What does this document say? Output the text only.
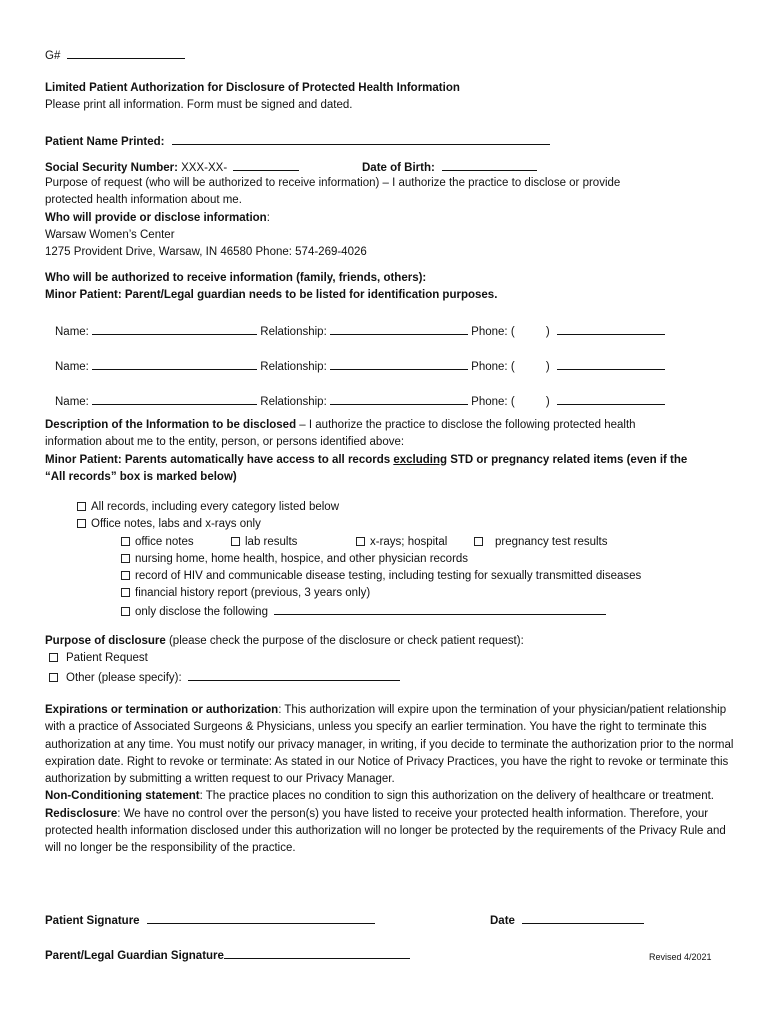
G#
Limited Patient Authorization for Disclosure of Protected Health Information
Please print all information. Form must be signed and dated.
Patient Name Printed:
Social Security Number: XXX-XX-	Date of Birth:
Purpose of request (who will be authorized to receive information) – I authorize the practice to disclose or provide
protected health information about me.
Who will provide or disclose information:
Warsaw Women’s Center
1275 Provident Drive, Warsaw, IN 46580 Phone: 574-269-4026
Who will be authorized to receive information (family, friends, others):
Minor Patient: Parent/Legal guardian needs to be listed for identification purposes.
Name:	Relationship:	Phone: (	)
Name:	Relationship:	Phone: (	)
Name:	Relationship:	Phone: (	)
Description of the Information to be disclosed – I authorize the practice to disclose the following protected health
information about me to the entity, person, or persons identified above:
Minor Patient: Parents automatically have access to all records excluding STD or pregnancy related items (even if the
“All records” box is marked below)
All records, including every category listed below
Office notes, labs and x-rays only
office notes	lab results	x-rays; hospital	pregnancy test results
nursing home, home health, hospice, and other physician records
record of HIV and communicable disease testing, including testing for sexually transmitted diseases
financial history report (previous, 3 years only)
only disclose the following
Purpose of disclosure (please check the purpose of the disclosure or check patient request):
Patient Request
Other (please specify):
Expirations or termination or authorization: This authorization will expire upon the termination of your physician/patient relationship with a practice of Associated Surgeons & Physicians, unless you specify an earlier termination. You have the right to terminate this authorization at any time. You must notify our privacy manager, in writing, if you decide to terminate the authorization prior to the normal expiration date. Right to revoke or terminate: As stated in our Notice of Privacy Practices, you have the right to revoke or terminate this authorization by submitting a written request to our Privacy Manager.
Non-Conditioning statement: The practice places no condition to sign this authorization on the delivery of healthcare or treatment.
Redisclosure: We have no control over the person(s) you have listed to receive your protected health information. Therefore, your protected health information disclosed under this authorization will no longer be protected by the requirements of the Privacy Rule and will no longer be the responsibility of the practice.
Patient Signature	Date
Parent/Legal Guardian Signature	Revised 4/2021
